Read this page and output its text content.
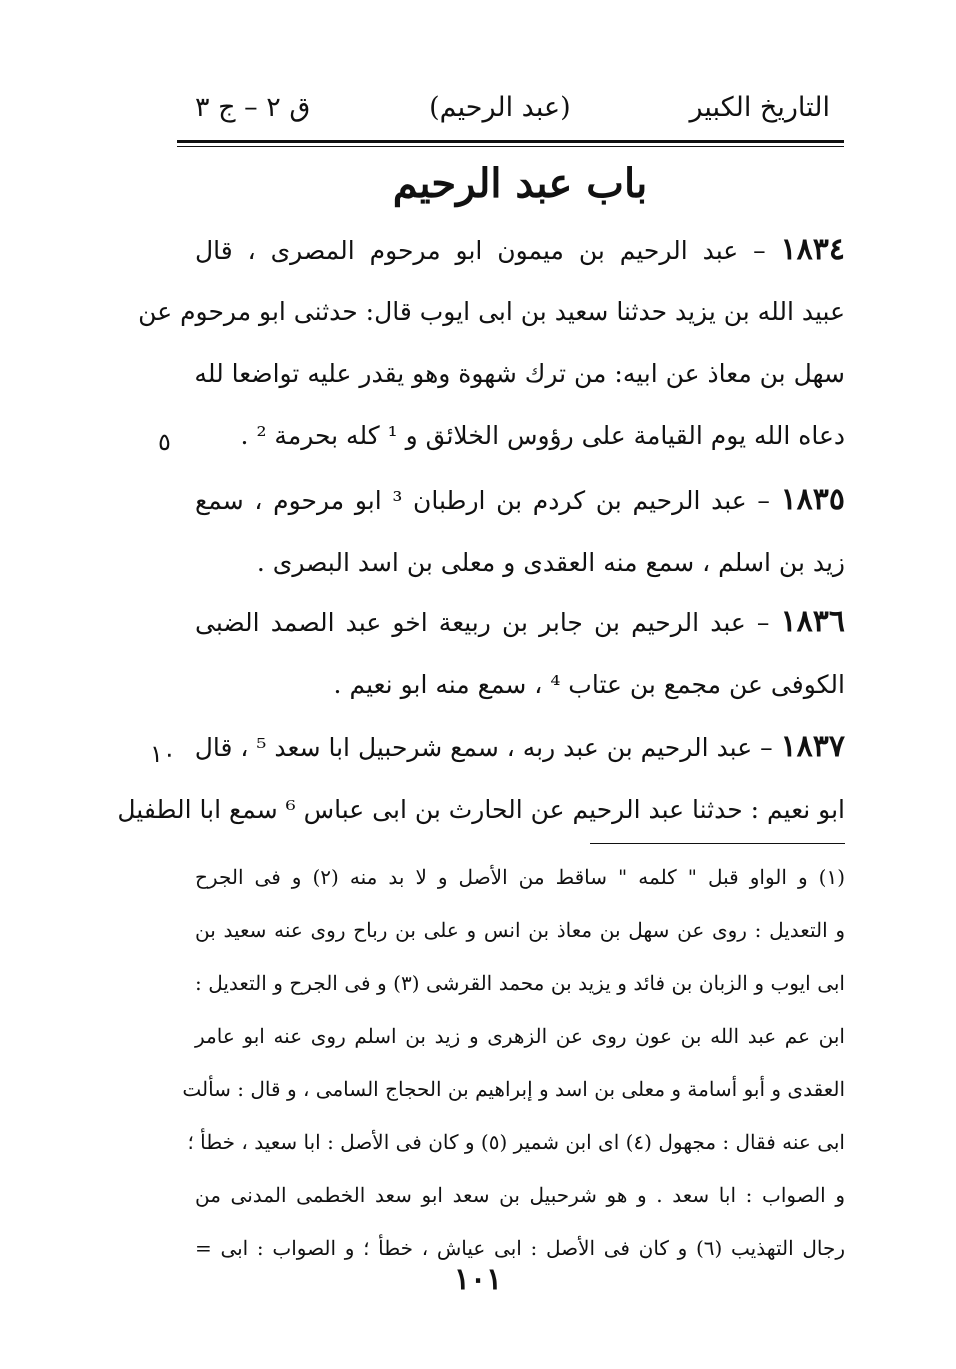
التاريخ الكبير
(عبد الرحيم)
ق ٢ – ج ٣
باب عبد الرحيم
١٨٣٤ – عبد الرحيم بن ميمون ابو مرحوم المصرى ، قال
عبيد الله بن يزيد حدثنا سعيد بن ابى ايوب قال: حدثنى ابو مرحوم عن
سهل بن معاذ عن ابيه: من ترك شهوة وهو يقدر عليه تواضعا لله
دعاه الله يوم القيامة على رؤوس الخلائق و ¹ كله بحرمة ² .
٥
١٨٣٥ – عبد الرحيم بن كردم بن ارطبان ³ ابو مرحوم ، سمع
زيد بن اسلم ، سمع منه العقدى و معلى بن اسد البصرى .
١٨٣٦ – عبد الرحيم بن جابر بن ربيعة اخو عبد الصمد الضبى
الكوفى عن مجمع بن عتاب ⁴ ، سمع منه ابو نعيم .
١٨٣٧ – عبد الرحيم بن عبد ربه ، سمع شرحبيل ابا سعد ⁵ ، قال
١٠
ابو نعيم : حدثنا عبد الرحيم عن الحارث بن ابى عباس ⁶ سمع ابا الطفيل
(١) و الواو قبل " كلمه " ساقط من الأصل و لا بد منه (٢) و فى الجرح
و التعديل : روى عن سهل بن معاذ بن انس و على بن رباح روى عنه سعيد بن
ابى ايوب و الزبان بن فائد و يزيد بن محمد القرشى (٣) و فى الجرح و التعديل :
ابن عم عبد الله بن عون روى عن الزهرى و زيد بن اسلم روى عنه ابو عامر
العقدى و أبو أسامة و معلى بن اسد و إبراهيم بن الحجاج السامى ، و قال : سألت
ابى عنه فقال : مجهول (٤) اى ابن شمير (٥) و كان فى الأصل : ابا سعيد ، خطأ ؛
و الصواب : ابا سعد . و هو شرحبيل بن سعد ابو سعد الخطمى المدنى من
رجال التهذيب (٦) و كان فى الأصل : ابى عياش ، خطأ ؛ و الصواب : ابى =
١٠١
